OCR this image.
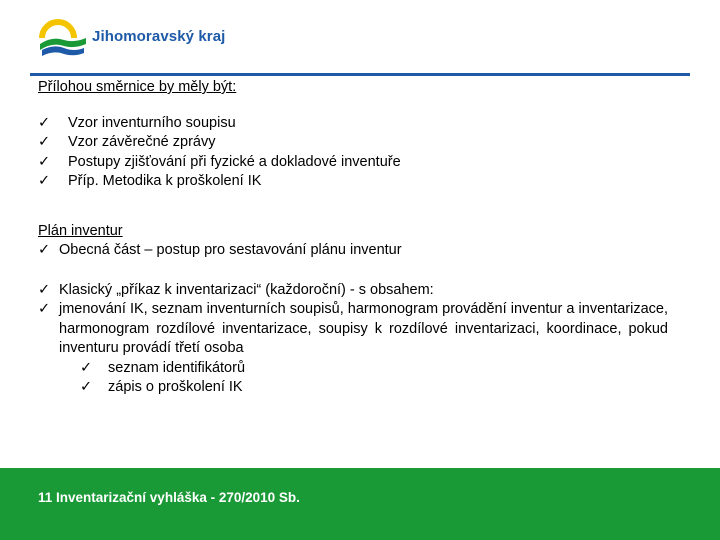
Jihomoravský kraj
Přílohou směrnice by měly být:
✓ Vzor inventurního soupisu
✓ Vzor závěrečné zprávy
✓ Postupy zjišťování při fyzické a dokladové inventuře
✓ Příp. Metodika k proškolení IK
Plán inventur
✓ Obecná část – postup pro sestavování plánu inventur
✓ Klasický „příkaz k inventarizaci“ (každoroční) - s obsahem:
✓ jmenování IK, seznam inventurních soupisů, harmonogram provádění inventur a inventarizace, harmonogram rozdílové inventarizace, soupisy k rozdílové inventarizaci, koordinace, pokud inventuru provádí třetí osoba
✓ seznam identifikátorů
✓ zápis o proškolení IK
11 Inventarizační vyhláška - 270/2010 Sb.
